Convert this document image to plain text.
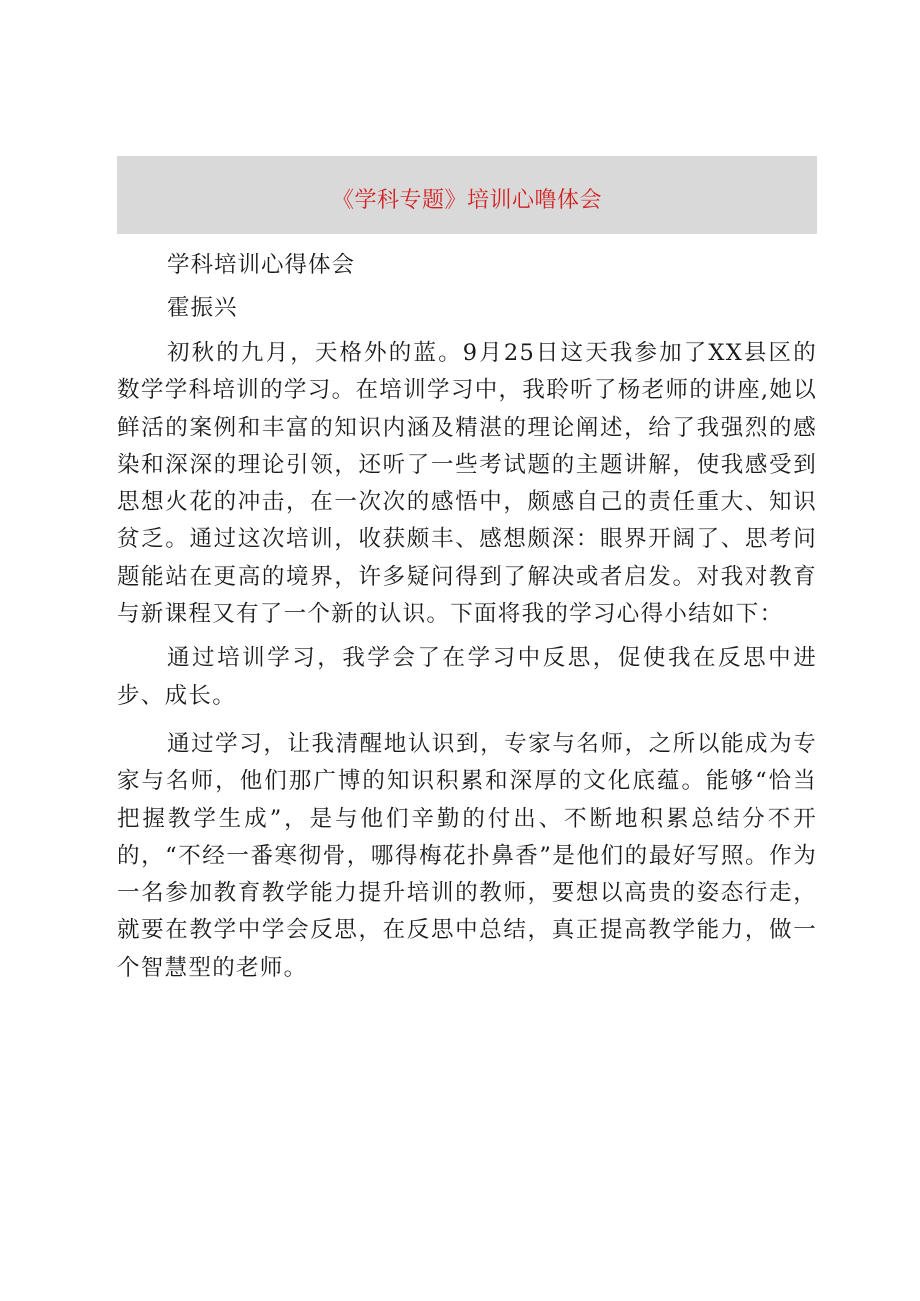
《学科专题》培训心噜体会

学科培训心得体会

霍振兴

初秋的九月，天格外的蓝。9月25日这天我参加了XX县区的数学学科培训的学习。在培训学习中，我聆听了杨老师的讲座,她以鲜活的案例和丰富的知识内涵及精湛的理论阐述，给了我强烈的感染和深深的理论引领，还听了一些考试题的主题讲解，使我感受到思想火花的冲击，在一次次的感悟中，颇感自己的责任重大、知识贫乏。通过这次培训，收获颇丰、感想颇深：眼界开阔了、思考问题能站在更高的境界，许多疑问得到了解决或者启发。对我对教育与新课程又有了一个新的认识。下面将我的学习心得小结如下：

通过培训学习，我学会了在学习中反思，促使我在反思中进步、成长。

通过学习，让我清醒地认识到，专家与名师，之所以能成为专家与名师，他们那广博的知识积累和深厚的文化底蕴。能够“恰当把握教学生成”，是与他们辛勤的付出、不断地积累总结分不开的，“不经一番寒彻骨，哪得梅花扑鼻香”是他们的最好写照。作为一名参加教育教学能力提升培训的教师，要想以高贵的姿态行走，就要在教学中学会反思，在反思中总结，真正提高教学能力，做一个智慧型的老师。
